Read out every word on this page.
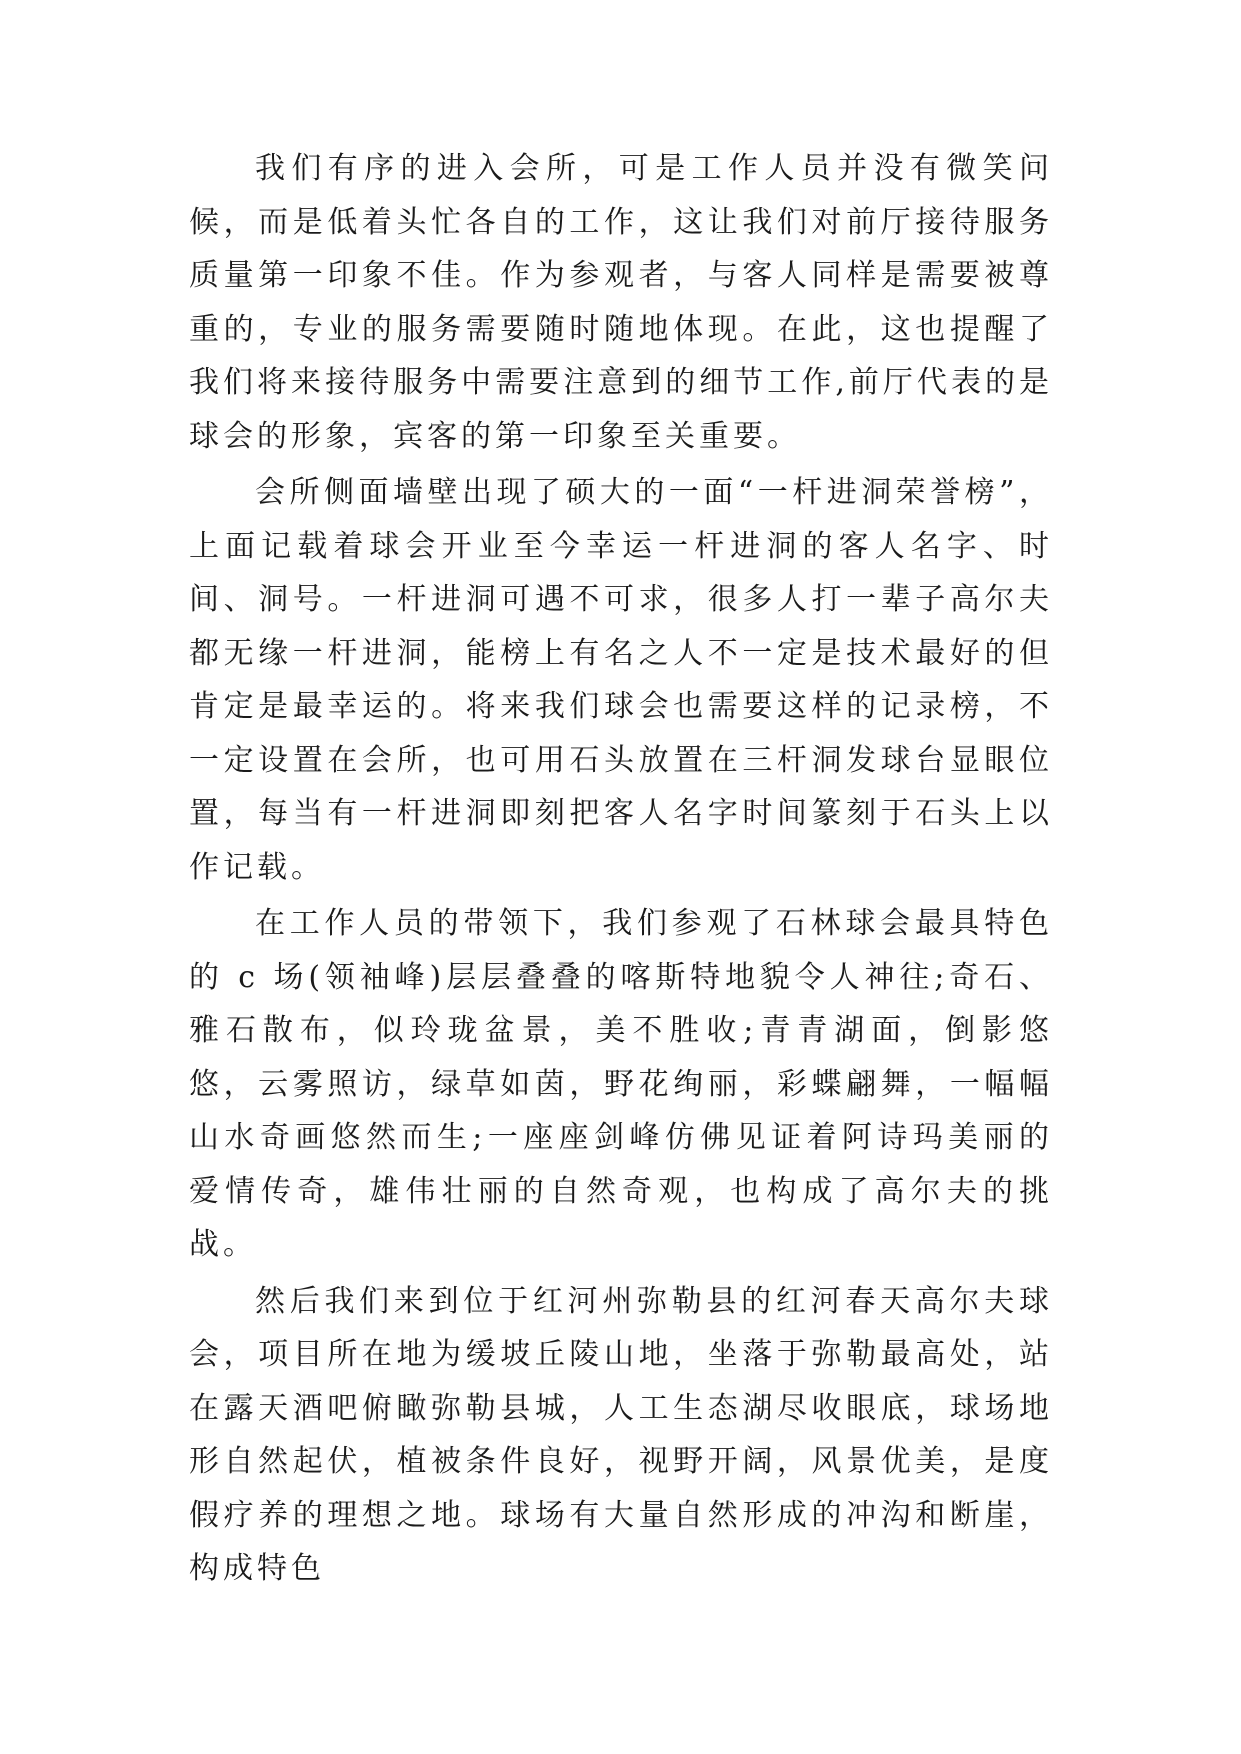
我们有序的进入会所，可是工作人员并没有微笑问候，而是低着头忙各自的工作，这让我们对前厅接待服务质量第一印象不佳。作为参观者，与客人同样是需要被尊重的，专业的服务需要随时随地体现。在此，这也提醒了我们将来接待服务中需要注意到的细节工作,前厅代表的是球会的形象，宾客的第一印象至关重要。

会所侧面墙壁出现了硕大的一面“一杆进洞荣誉榜”，上面记载着球会开业至今幸运一杆进洞的客人名字、时间、洞号。一杆进洞可遇不可求，很多人打一辈子高尔夫都无缘一杆进洞，能榜上有名之人不一定是技术最好的但肯定是最幸运的。将来我们球会也需要这样的记录榜，不一定设置在会所，也可用石头放置在三杆洞发球台显眼位置，每当有一杆进洞即刻把客人名字时间篆刻于石头上以作记载。

在工作人员的带领下，我们参观了石林球会最具特色的 c 场(领袖峰)层层叠叠的喀斯特地貌令人神往;奇石、雅石散布，似玲珑盆景，美不胜收;青青湖面，倒影悠悠，云雾照访，绿草如茵，野花绚丽，彩蝶翩舞，一幅幅山水奇画悠然而生;一座座剑峰仿佛见证着阿诗玛美丽的爱情传奇，雄伟壮丽的自然奇观，也构成了高尔夫的挑战。

然后我们来到位于红河州弥勒县的红河春天高尔夫球会，项目所在地为缓坡丘陵山地，坐落于弥勒最高处，站在露天酒吧俯瞰弥勒县城，人工生态湖尽收眼底，球场地形自然起伏，植被条件良好，视野开阔，风景优美，是度假疗养的理想之地。球场有大量自然形成的冲沟和断崖，构成特色
